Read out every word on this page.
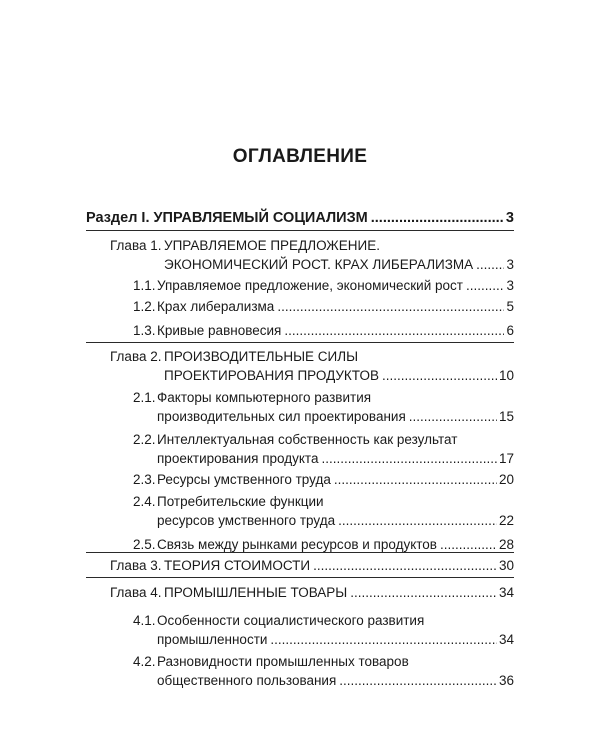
ОГЛАВЛЕНИЕ
Раздел I. УПРАВЛЯЕМЫЙ СОЦИАЛИЗМ .....	3
Глава 1. УПРАВЛЯЕМОЕ ПРЕДЛОЖЕНИЕ.
ЭКОНОМИЧЕСКИЙ РОСТ. КРАХ ЛИБЕРАЛИЗМА ..... 3
1.1. Управляемое предложение, экономический рост .....	3
1.2. Крах либерализма .....	5
1.3. Кривые равновесия .....	6
Глава 2. ПРОИЗВОДИТЕЛЬНЫЕ СИЛЫ
ПРОЕКТИРОВАНИЯ ПРОДУКТОВ .....	10
2.1. Факторы компьютерного развития
производительных сил проектирования .....	15
2.2. Интеллектуальная собственность как результат
проектирования продукта .....	17
2.3. Ресурсы умственного труда .....	20
2.4. Потребительские функции
ресурсов умственного труда .....	22
2.5. Связь между рынками ресурсов и продуктов .....	28
Глава 3. ТЕОРИЯ СТОИМОСТИ .....	30
Глава 4. ПРОМЫШЛЕННЫЕ ТОВАРЫ .....	34
4.1. Особенности социалистического развития
промышленности .....	34
4.2. Разновидности промышленных товаров
общественного пользования .....	36
